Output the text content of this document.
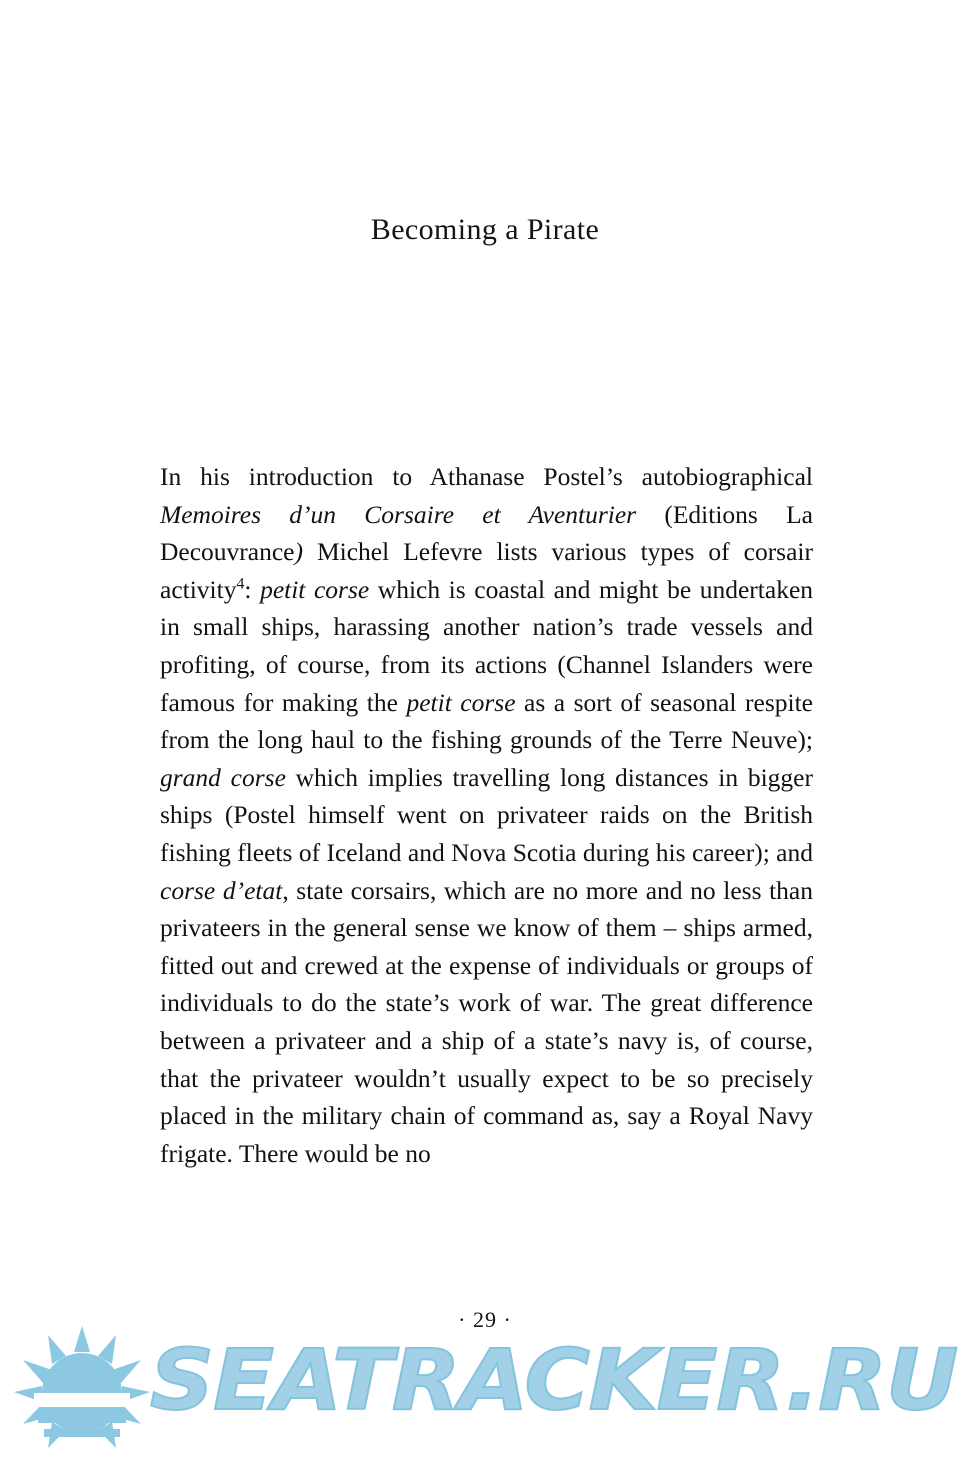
Becoming a Pirate

In his introduction to Athanase Postel’s autobiographical Memoires d’un Corsaire et Aventurier (Editions La Decouvrance) Michel Lefevre lists various types of corsair activity$^4$: petit corse which is coastal and might be undertaken in small ships, harassing another nation’s trade vessels and profiting, of course, from its actions (Channel Islanders were famous for making the petit corse as a sort of seasonal respite from the long haul to the fishing grounds of the Terre Neuve); grand corse which implies travelling long distances in bigger ships (Postel himself went on privateer raids on the British fishing fleets of Iceland and Nova Scotia during his career); and corse d’etat, state corsairs, which are no more and no less than privateers in the general sense we know of them – ships armed, fitted out and crewed at the expense of individuals or groups of individuals to do the state’s work of war. The great difference between a privateer and a ship of a state’s navy is, of course, that the privateer wouldn’t usually expect to be so precisely placed in the military chain of command as, say a Royal Navy frigate. There would be no

· 29 ·
SEATRACKER.RU
